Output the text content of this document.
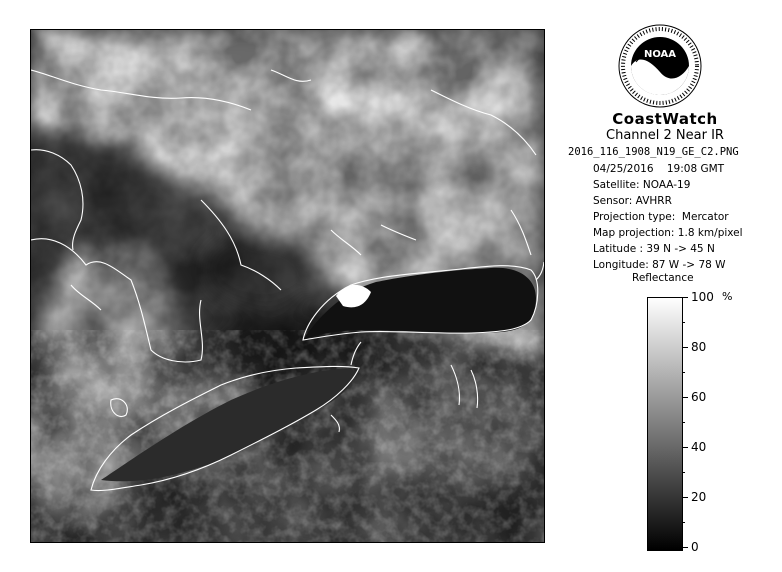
NOAA
CoastWatch
Channel 2 Near IR
2016_116_1908_N19_GE_C2.PNG
04/25/2016    19:08 GMT
Satellite: NOAA-19
Sensor: AVHRR
Projection type:  Mercator
Map projection: 1.8 km/pixel
Latitude : 39 N -> 45 N
Longitude: 87 W -> 78 W
Reflectance
%
100
80
60
40
20
0
